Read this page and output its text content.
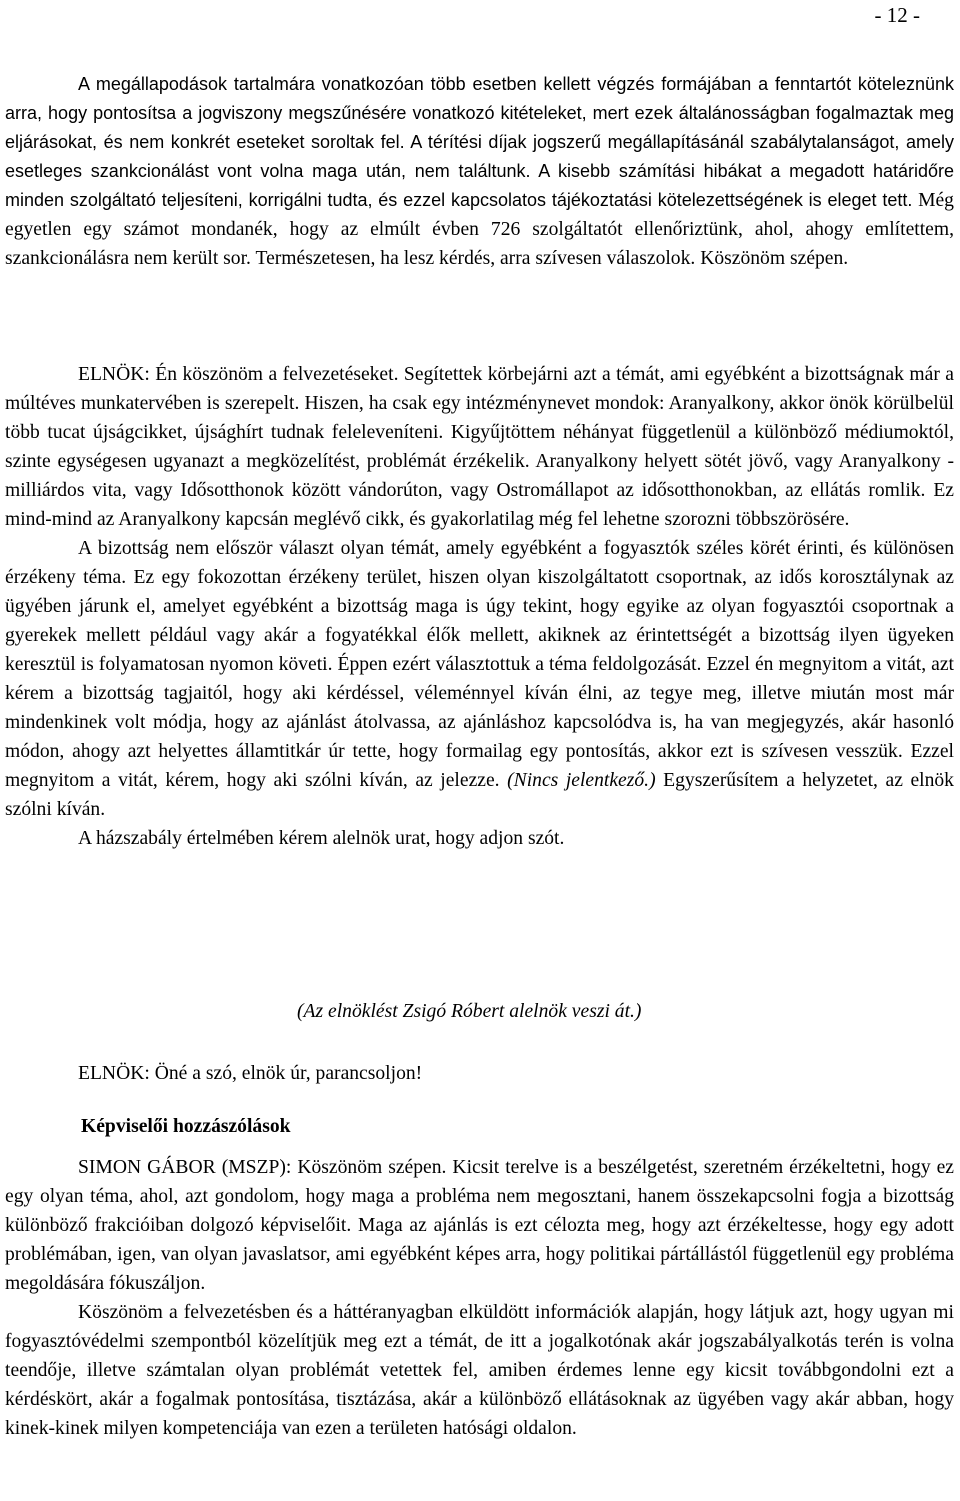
- 12 -

A megállapodások tartalmára vonatkozóan több esetben kellett végzés formájában a fenntartót köteleznünk arra, hogy pontosítsa a jogviszony megszűnésére vonatkozó kitételeket, mert ezek általánosságban fogalmaztak meg eljárásokat, és nem konkrét eseteket soroltak fel. A térítési díjak jogszerű megállapításánál szabálytalanságot, amely esetleges szankcionálást vont volna maga után, nem találtunk. A kisebb számítási hibákat a megadott határidőre minden szolgáltató teljesíteni, korrigálni tudta, és ezzel kapcsolatos tájékoztatási kötelezettségének is eleget tett. Még egyetlen egy számot mondanék, hogy az elmúlt évben 726 szolgáltatót ellenőriztünk, ahol, ahogy említettem, szankcionálásra nem került sor. Természetesen, ha lesz kérdés, arra szívesen válaszolok. Köszönöm szépen.

ELNÖK: Én köszönöm a felvezetéseket. Segítettek körbejárni azt a témát, ami egyébként a bizottságnak már a múltéves munkatervében is szerepelt. Hiszen, ha csak egy intézménynevet mondok: Aranyalkony, akkor önök körülbelül több tucat újságcikket, újsághírt tudnak feleleveníteni. Kigyűjtöttem néhányat függetlenül a különböző médiumoktól, szinte egységesen ugyanazt a megközelítést, problémát érzékelik. Aranyalkony helyett sötét jövő, vagy Aranyalkony - milliárdos vita, vagy Idősotthonok között vándorúton, vagy Ostromállapot az idősotthonokban, az ellátás romlik. Ez mind-mind az Aranyalkony kapcsán meglévő cikk, és gyakorlatilag még fel lehetne szorozni többszörösére.

A bizottság nem először választ olyan témát, amely egyébként a fogyasztók széles körét érinti, és különösen érzékeny téma. Ez egy fokozottan érzékeny terület, hiszen olyan kiszolgáltatott csoportnak, az idős korosztálynak az ügyében járunk el, amelyet egyébként a bizottság maga is úgy tekint, hogy egyike az olyan fogyasztói csoportnak a gyerekek mellett például vagy akár a fogyatékkal élők mellett, akiknek az érintettségét a bizottság ilyen ügyeken keresztül is folyamatosan nyomon követi. Éppen ezért választottuk a téma feldolgozását. Ezzel én megnyitom a vitát, azt kérem a bizottság tagjaitól, hogy aki kérdéssel, véleménnyel kíván élni, az tegye meg, illetve miután most már mindenkinek volt módja, hogy az ajánlást átolvassa, az ajánláshoz kapcsolódva is, ha van megjegyzés, akár hasonló módon, ahogy azt helyettes államtitkár úr tette, hogy formailag egy pontosítás, akkor ezt is szívesen vesszük. Ezzel megnyitom a vitát, kérem, hogy aki szólni kíván, az jelezze. (Nincs jelentkező.) Egyszerűsítem a helyzetet, az elnök szólni kíván.

A házszabály értelmében kérem alelnök urat, hogy adjon szót.

(Az elnöklést Zsigó Róbert alelnök veszi át.)

ELNÖK: Öné a szó, elnök úr, parancsoljon!

Képviselői hozzászólások

SIMON GÁBOR (MSZP): Köszönöm szépen. Kicsit terelve is a beszélgetést, szeretném érzékeltetni, hogy ez egy olyan téma, ahol, azt gondolom, hogy maga a probléma nem megosztani, hanem összekapcsolni fogja a bizottság különböző frakcióiban dolgozó képviselőit. Maga az ajánlás is ezt célozta meg, hogy azt érzékeltesse, hogy egy adott problémában, igen, van olyan javaslatsor, ami egyébként képes arra, hogy politikai pártállástól függetlenül egy probléma megoldására fókuszáljon.

Köszönöm a felvezetésben és a háttéranyagban elküldött információk alapján, hogy látjuk azt, hogy ugyan mi fogyasztóvédelmi szempontból közelítjük meg ezt a témát, de itt a jogalkotónak akár jogszabályalkotás terén is volna teendője, illetve számtalan olyan problémát vetettek fel, amiben érdemes lenne egy kicsit továbbgondolni ezt a kérdéskört, akár a fogalmak pontosítása, tisztázása, akár a különböző ellátásoknak az ügyében vagy akár abban, hogy kinek-kinek milyen kompetenciája van ezen a területen hatósági oldalon.
